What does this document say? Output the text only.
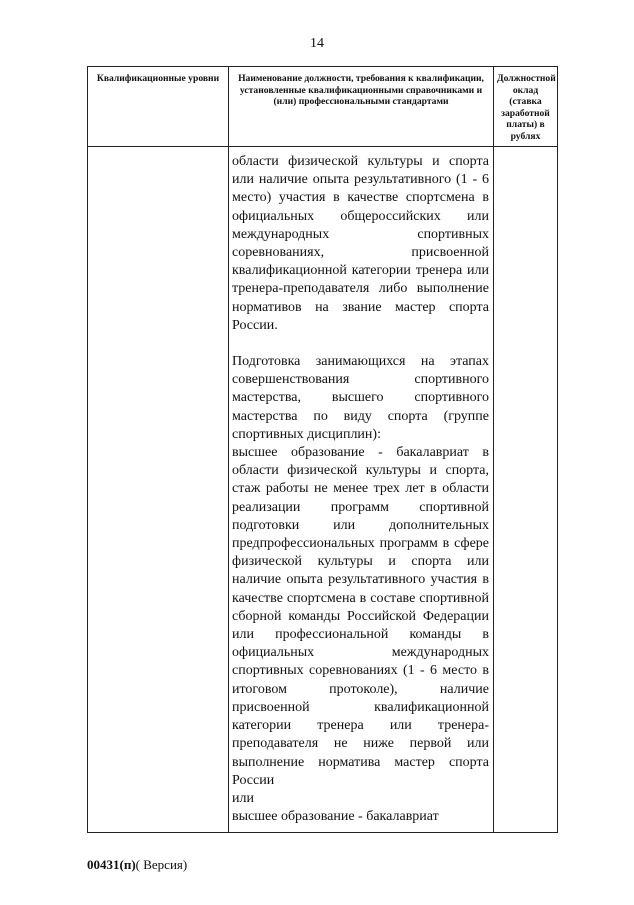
14
Квалификационные уровни	Наименование должности, требования к квалификации, установленные квалификационными справочниками и (или) профессиональными стандартами	Должностной оклад (ставка заработной платы) в рублях

	области физической культуры и спорта или наличие опыта результативного (1 - 6 место) участия в качестве спортсмена в официальных общероссийских или международных спортивных соревнованиях, присвоенной квалификационной категории тренера или тренера-преподавателя либо выполнение нормативов на звание мастер спорта России.

Подготовка занимающихся на этапах совершенствования спортивного мастерства, высшего спортивного мастерства по виду спорта (группе спортивных дисциплин):

высшее образование - бакалавриат в области физической культуры и спорта, стаж работы не менее трех лет в области реализации программ спортивной подготовки или дополнительных предпрофессиональных программ в сфере физической культуры и спорта или наличие опыта результативного участия в качестве спортсмена в составе спортивной сборной команды Российской Федерации или профессиональной команды в официальных международных спортивных соревнованиях (1 - 6 место в итоговом протоколе), наличие присвоенной квалификационной категории тренера или тренера-преподавателя не ниже первой или выполнение норматива мастер спорта России

или

высшее образование - бакалавриат	

00431(п)( Версия)
